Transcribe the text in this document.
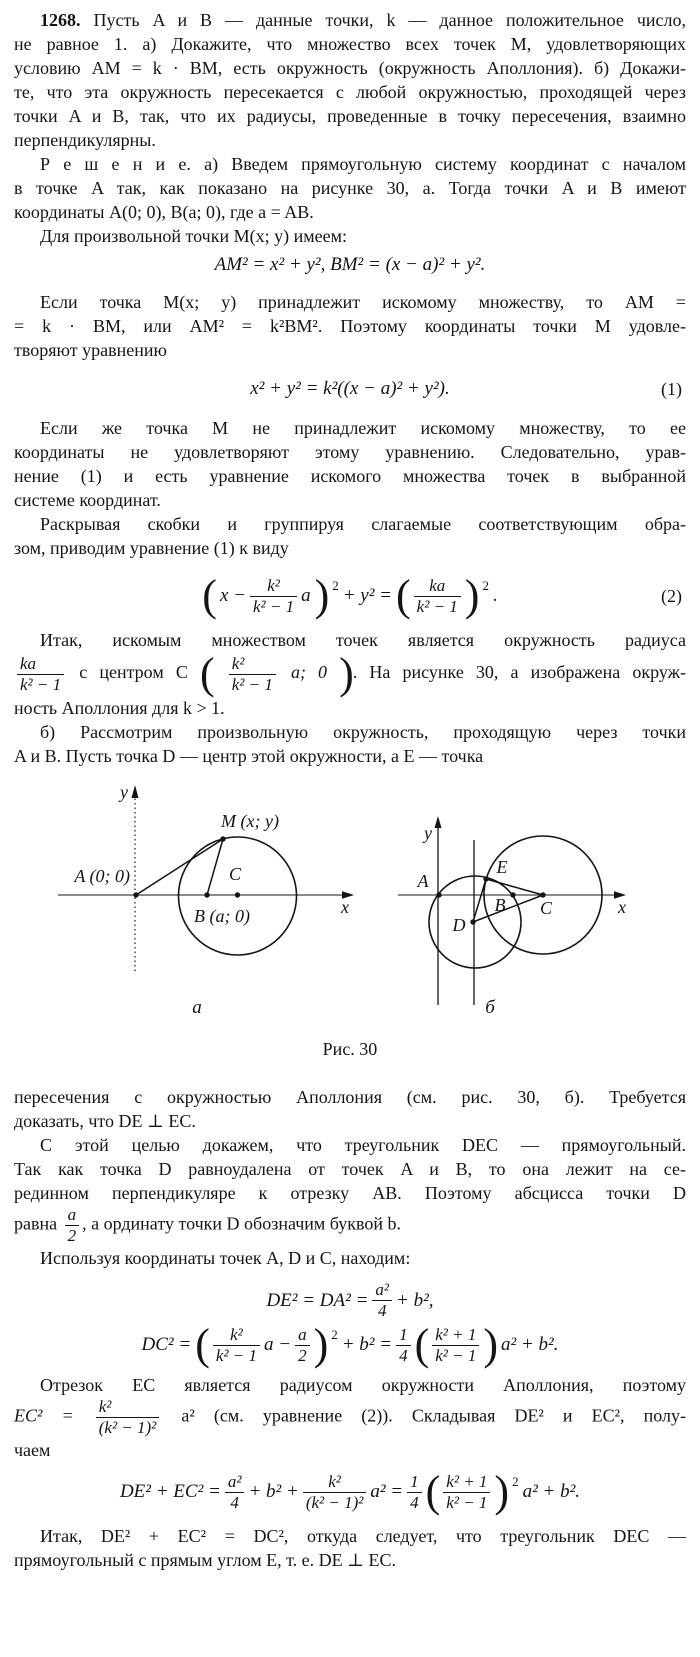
1268. Пусть A и B — данные точки, k — данное положительное число,
не равное 1. а) Докажите, что множество всех точек M, удовлетворяющих
условию AM = k · BM, есть окружность (окружность Аполлония). б) Докажи-
те, что эта окружность пересекается с любой окружностью, проходящей через
точки A и B, так, что их радиусы, проведенные в точку пересечения, взаимно
перпендикулярны.
Р е ш е н и е. а) Введем прямоугольную систему координат с началом
в точке A так, как показано на рисунке 30, а. Тогда точки A и B имеют
координаты A(0; 0), B(a; 0), где a = AB.
Для произвольной точки M(x; y) имеем:
AM² = x² + y², BM² = (x − a)² + y².
Если точка M(x; y) принадлежит искомому множеству, то AM =
= k · BM, или AM² = k²BM². Поэтому координаты точки M удовле-
творяют уравнению
x² + y² = k²((x − a)² + y²).	(1)
Если же точка M не принадлежит искомому множеству, то ее
координаты не удовлетворяют этому уравнению. Следовательно, урав-
нение (1) и есть уравнение искомого множества точек в выбранной
системе координат.
Раскрывая скобки и группируя слагаемые соответствующим обра-
зом, приводим уравнение (1) к виду
( $x - \frac{\text{k²}}{\text{k² − 1}}$ a ) 2 + y² = ( $\frac{ka}{\text{k² − 1}}$ ) 2 .	(2)
Итак, искомым множеством точек является окружность радиуса
$\frac{ka}{\text{k² − 1}}$ с центром C ( $\frac{\text{k²}}{\text{k² − 1}} a$; 0 ). На рисунке 30, а изображена окруж-
ность Аполлония для k > 1.
б) Рассмотрим произвольную окружность, проходящую через точки
A и B. Пусть точка D — центр этой окружности, а E — точка
y
x
A (0; 0)
B (a; 0)
C
M (x; y)
а
y
x
A
B C
D
E
б
Рис. 30
пересечения с окружностью Аполлония (см. рис. 30, б). Требуется
доказать, что DE ⊥ EC.
С этой целью докажем, что треугольник DEC — прямоугольный.
Так как точка D равноудалена от точек A и B, то она лежит на се-
рединном перпендикуляре к отрезку AB. Поэтому абсцисса точки D
равна $\frac{a}{2}$ , а ординату точки D обозначим буквой b.
Используя координаты точек A, D и C, находим:
$DE^2 = DA^2 = \frac{\text{a²}}{4} + b^2$,
DC² = ( $\frac{\text{k²}}{\text{k² − 1}}$ $a - \frac{a}{2}$ ) $2 + b^2 = \frac{1}{4}$ ( $\frac{\text{k² + 1}}{\text{k² − 1}}$ ) a² + b².
Отрезок EC является радиусом окружности Аполлония, поэтому
$EC^2 = \frac{\text{k²}}{\text{(k² − 1)²}} a^2$ (см. уравнение (2)). Складывая DE² и EC², полу-
чаем
$DE^2 + EC^2 = \frac{\text{a²}}{4} + b^2 + \frac{\text{k²}}{\text{(k² − 1)²}} a^2 = \frac{1}{4}$ ( $\frac{\text{k² + 1}}{\text{k² − 1}}$ ) 2 a² + b².
Итак, DE² + EC² = DC², откуда следует, что треугольник DEC —
прямоугольный с прямым углом E, т. е. DE ⊥ EC.
